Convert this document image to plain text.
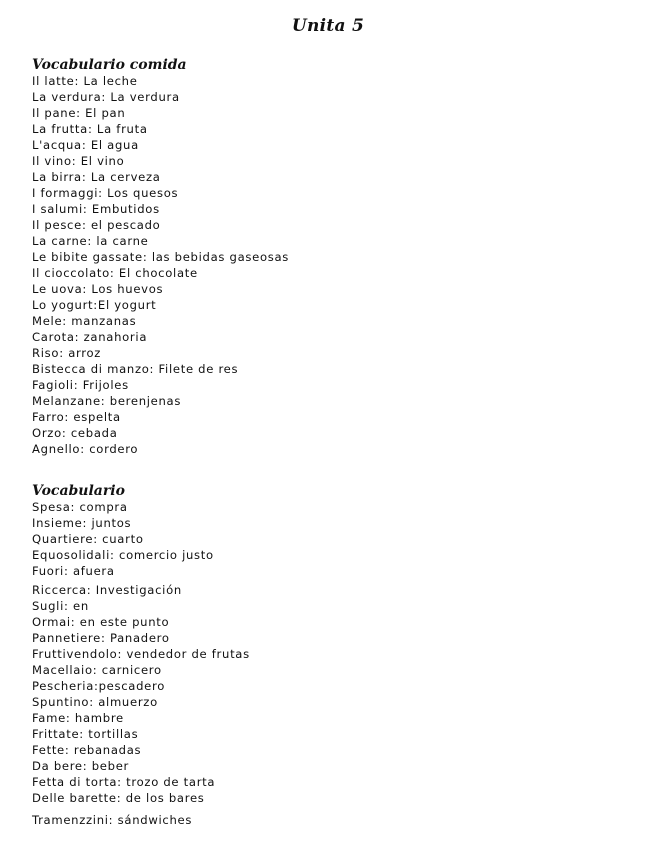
Unita 5
Vocabulario comida
Il latte: La leche
La verdura: La verdura
Il pane: El pan
La frutta: La fruta
L'acqua: El agua
Il vino: El vino
La birra: La cerveza
I formaggi: Los quesos
I salumi: Embutidos
Il pesce: el pescado
La carne: la carne
Le bibite gassate: las bebidas gaseosas
Il cioccolato: El chocolate
Le uova: Los huevos
Lo yogurt:El yogurt
Mele: manzanas
Carota: zanahoria
Riso: arroz
Bistecca di manzo: Filete de res
Fagioli: Frijoles
Melanzane: berenjenas
Farro: espelta
Orzo: cebada
Agnello: cordero
Vocabulario
Spesa: compra
Insieme: juntos
Quartiere: cuarto
Equosolidali: comercio justo
Fuori: afuera
Riccerca: Investigación
Sugli: en
Ormai: en este punto
Pannetiere: Panadero
Fruttivendolo: vendedor de frutas
Macellaio: carnicero
Pescheria:pescadero
Spuntino: almuerzo
Fame: hambre
Frittate: tortillas
Fette: rebanadas
Da bere: beber
Fetta di torta: trozo de tarta
Delle barette: de los bares
Tramenzzini: sándwiches
